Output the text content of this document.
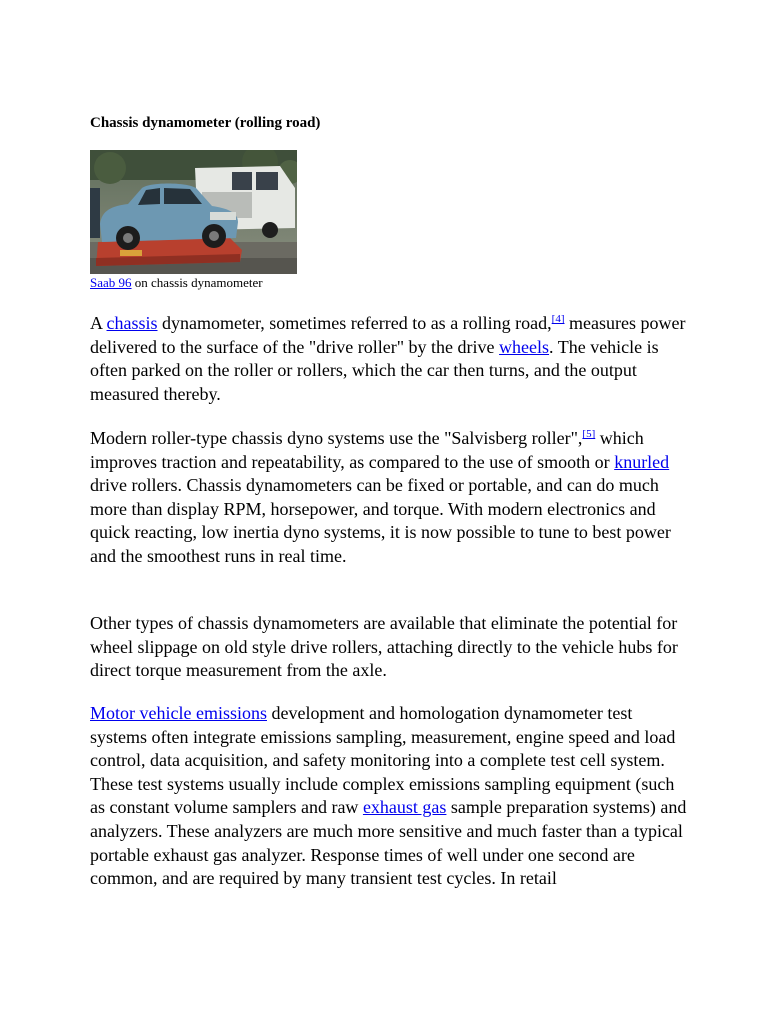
Chassis dynamometer (rolling road)
Saab 96 on chassis dynamometer

A chassis dynamometer, sometimes referred to as a rolling road,[4] measures power delivered to the surface of the "drive roller" by the drive wheels. The vehicle is often parked on the roller or rollers, which the car then turns, and the output measured thereby.

Modern roller-type chassis dyno systems use the "Salvisberg roller",[5] which improves traction and repeatability, as compared to the use of smooth or knurled drive rollers. Chassis dynamometers can be fixed or portable, and can do much more than display RPM, horsepower, and torque. With modern electronics and quick reacting, low inertia dyno systems, it is now possible to tune to best power and the smoothest runs in real time.

Other types of chassis dynamometers are available that eliminate the potential for wheel slippage on old style drive rollers, attaching directly to the vehicle hubs for direct torque measurement from the axle.

Motor vehicle emissions development and homologation dynamometer test systems often integrate emissions sampling, measurement, engine speed and load control, data acquisition, and safety monitoring into a complete test cell system. These test systems usually include complex emissions sampling equipment (such as constant volume samplers and raw exhaust gas sample preparation systems) and analyzers. These analyzers are much more sensitive and much faster than a typical portable exhaust gas analyzer. Response times of well under one second are common, and are required by many transient test cycles. In retail
